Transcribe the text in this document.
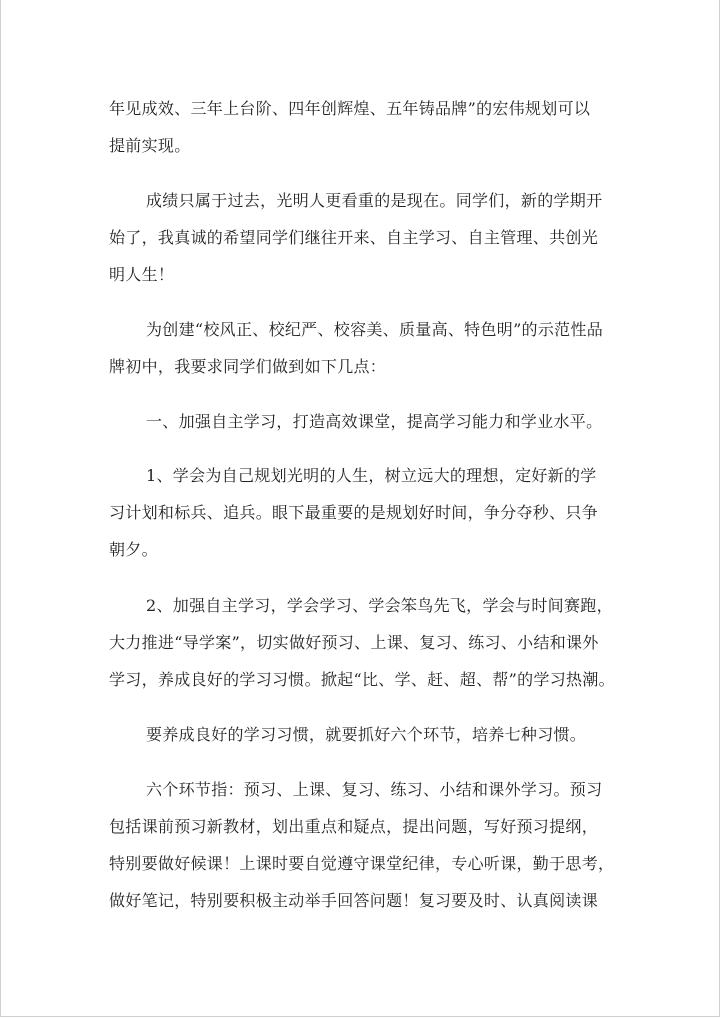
年见成效、三年上台阶、四年创辉煌、五年铸品牌”的宏伟规划可以
提前实现。
成绩只属于过去，光明人更看重的是现在。同学们，新的学期开
始了，我真诚的希望同学们继往开来、自主学习、自主管理、共创光
明人生！
为创建“校风正、校纪严、校容美、质量高、特色明”的示范性品
牌初中，我要求同学们做到如下几点：
一、加强自主学习，打造高效课堂，提高学习能力和学业水平。
1、学会为自己规划光明的人生，树立远大的理想，定好新的学
习计划和标兵、追兵。眼下最重要的是规划好时间，争分夺秒、只争
朝夕。
2、加强自主学习，学会学习、学会笨鸟先飞，学会与时间赛跑，
大力推进“导学案”，切实做好预习、上课、复习、练习、小结和课外
学习，养成良好的学习习惯。掀起“比、学、赶、超、帮”的学习热潮。
要养成良好的学习习惯，就要抓好六个环节，培养七种习惯。
六个环节指：预习、上课、复习、练习、小结和课外学习。预习
包括课前预习新教材，划出重点和疑点，提出问题，写好预习提纲，
特别要做好候课！上课时要自觉遵守课堂纪律，专心听课，勤于思考，
做好笔记，特别要积极主动举手回答问题！复习要及时、认真阅读课
